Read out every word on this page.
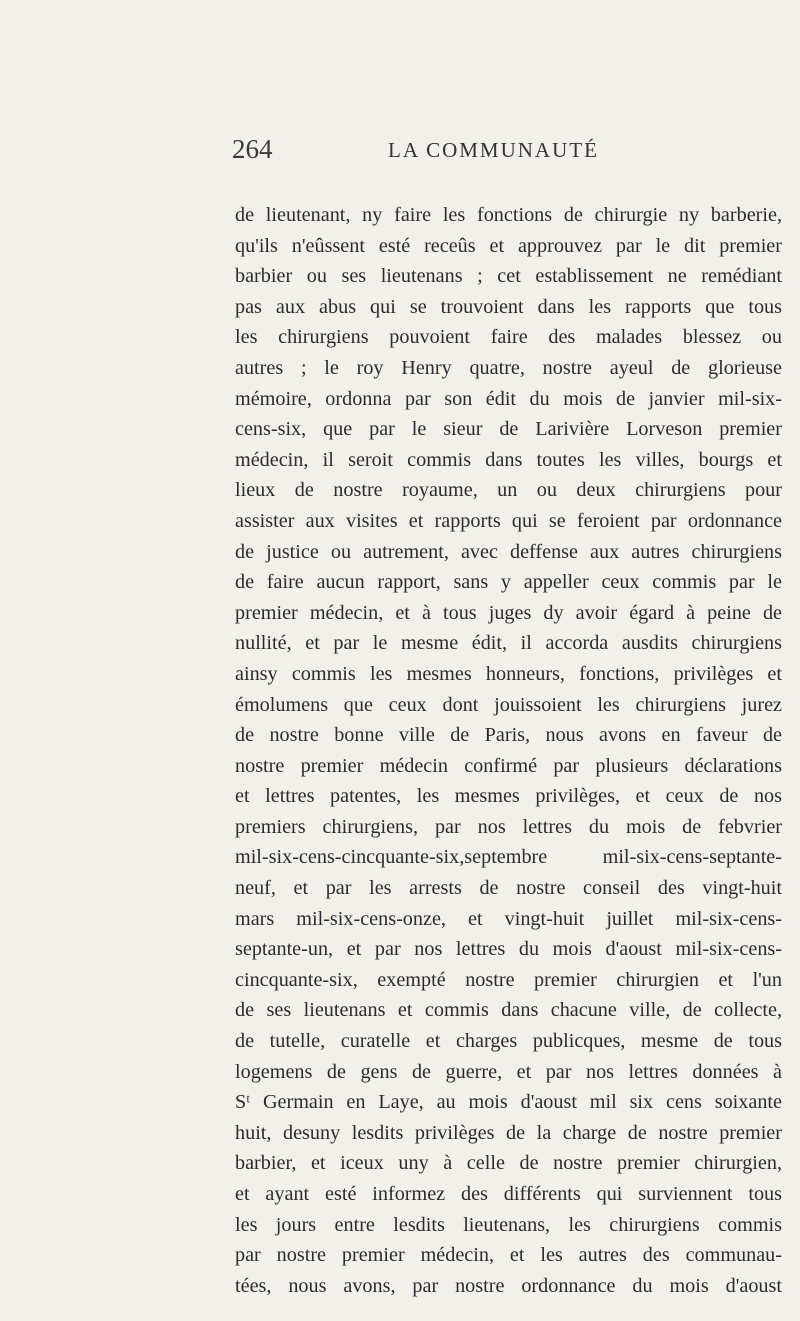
264	LA COMMUNAUTÉ
de lieutenant, ny faire les fonctions de chirurgie ny barberie,
qu'ils n'eûssent esté receûs et approuvez par le dit premier
barbier ou ses lieutenans ; cet establissement ne remédiant
pas aux abus qui se trouvoient dans les rapports que tous
les chirurgiens pouvoient faire des malades blessez ou
autres ; le roy Henry quatre, nostre ayeul de glorieuse
mémoire, ordonna par son édit du mois de janvier mil-six-
cens-six, que par le sieur de Larivière Lorveson premier
médecin, il seroit commis dans toutes les villes, bourgs et
lieux de nostre royaume, un ou deux chirurgiens pour
assister aux visites et rapports qui se feroient par ordonnance
de justice ou autrement, avec deffense aux autres chirurgiens
de faire aucun rapport, sans y appeller ceux commis par le
premier médecin, et à tous juges dy avoir égard à peine de
nullité, et par le mesme édit, il accorda ausdits chirurgiens
ainsy commis les mesmes honneurs, fonctions, privilèges et
émolumens que ceux dont jouissoient les chirurgiens jurez
de nostre bonne ville de Paris, nous avons en faveur de
nostre premier médecin confirmé par plusieurs déclarations
et lettres patentes, les mesmes privilèges, et ceux de nos
premiers chirurgiens, par nos lettres du mois de febvrier
mil-six-cens-cincquante-six,septembre mil-six-cens-septante-
neuf, et par les arrests de nostre conseil des vingt-huit
mars mil-six-cens-onze, et vingt-huit juillet mil-six-cens-
septante-un, et par nos lettres du mois d'aoust mil-six-cens-
cincquante-six, exempté nostre premier chirurgien et l'un
de ses lieutenans et commis dans chacune ville, de collecte,
de tutelle, curatelle et charges publicques, mesme de tous
logemens de gens de guerre, et par nos lettres données à
Sᵗ Germain en Laye, au mois d'aoust mil six cens soixante
huit, desuny lesdits privilèges de la charge de nostre premier
barbier, et iceux uny à celle de nostre premier chirurgien,
et ayant esté informez des différents qui surviennent tous
les jours entre lesdits lieutenans, les chirurgiens commis
par nostre premier médecin, et les autres des communau-
tées, nous avons, par nostre ordonnance du mois d'aoust
